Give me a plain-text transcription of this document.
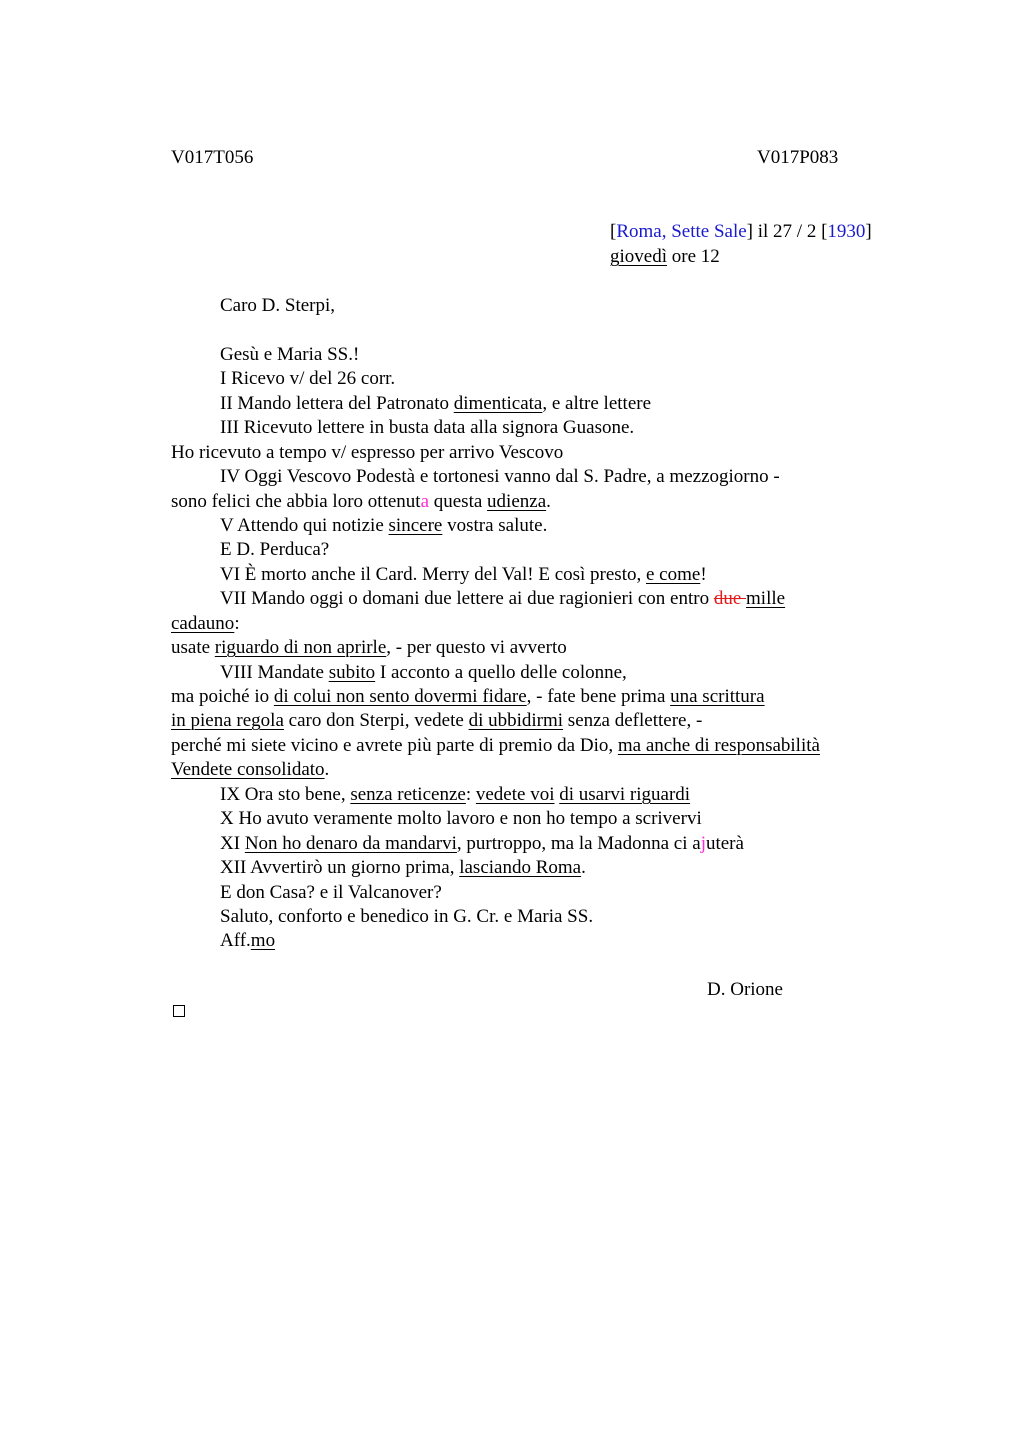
V017T056	V017P083
[Roma, Sette Sale] il 27 / 2 [1930]
giovedì ore 12
Caro D. Sterpi,
Gesù e Maria SS.!
I Ricevo v/ del 26 corr.
II Mando lettera del Patronato dimenticata, e altre lettere
III Ricevuto lettere in busta data alla signora Guasone.
Ho ricevuto a tempo v/ espresso per arrivo Vescovo
IV Oggi Vescovo Podestà e tortonesi vanno dal S. Padre, a mezzogiorno -
sono felici che abbia loro ottenuta questa udienza.
V Attendo qui notizie sincere vostra salute.
E D. Perduca?
VI È morto anche il Card. Merry del Val! E così presto, e come!
VII Mando oggi o domani due lettere ai due ragionieri con entro due mille
cadauno:
usate riguardo di non aprirle, - per questo vi avverto
VIII Mandate subito I acconto a quello delle colonne,
ma poiché io di colui non sento dovermi fidare, - fate bene prima una scrittura
in piena regola caro don Sterpi, vedete di ubbidirmi senza deflettere, -
perché mi siete vicino e avrete più parte di premio da Dio, ma anche di responsabilità
Vendete consolidato.
IX Ora sto bene, senza reticenze: vedete voi di usarvi riguardi
X Ho avuto veramente molto lavoro e non ho tempo a scrivervi
XI Non ho denaro da mandarvi, purtroppo, ma la Madonna ci ajuterà
XII Avvertirò un giorno prima, lasciando Roma.
E don Casa? e il Valcanover?
Saluto, conforto e benedico in G. Cr. e Maria SS.
Aff.mo
D. Orione
